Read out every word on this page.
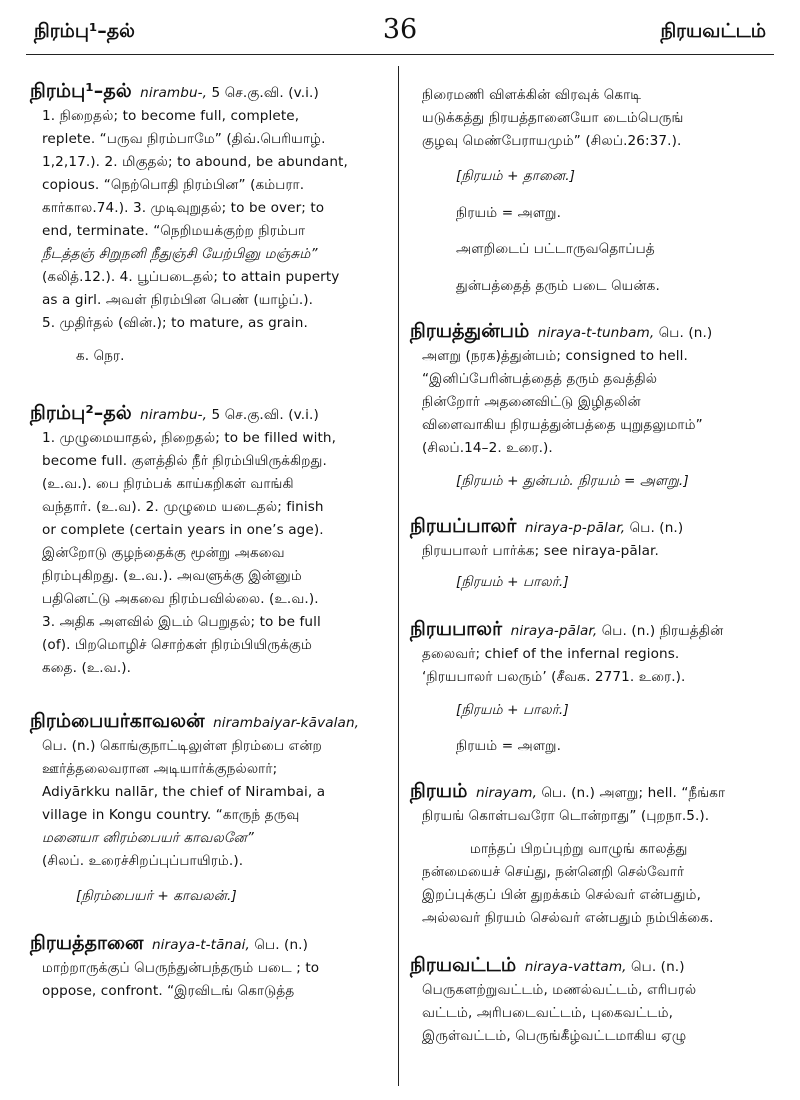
நிரம்பு¹–தல்	36	நிரயவட்டம்

நிரம்பு¹–தல் nirambu-, 5 செ.கு.வி. (v.i.)

1. நிறைதல்; to become full, complete,

replete. “பருவ நிரம்பாமே” (திவ்.பெரியாழ்.

1,2,17.). 2. மிகுதல்; to abound, be abundant,

copious. “நெற்பொதி நிரம்பின” (கம்பரா.

கார்கால.74.). 3. முடிவுறுதல்; to be over; to

end, terminate. “நெறிமயக்குற்ற நிரம்பா

நீடத்தஞ் சிறுநனி நீதுஞ்சி யேற்பினு மஞ்சும்”

(கலித்.12.). 4. பூப்படைதல்; to attain puperty

as a girl. அவள் நிரம்பின பெண் (யாழ்ப்.).

5. முதிர்தல் (வின்.); to mature, as grain.

க. நெர.

நிரம்பு²–தல் nirambu-, 5 செ.கு.வி. (v.i.)

1. முழுமையாதல், நிறைதல்; to be filled with,

become full. குளத்தில் நீர் நிரம்பியிருக்கிறது.

(உ.வ.). பை நிரம்பக் காய்கறிகள் வாங்கி

வந்தார். (உ.வ). 2. முழுமை யடைதல்; finish

or complete (certain years in one’s age).

இன்றோடு குழந்தைக்கு மூன்று அகவை

நிரம்புகிறது. (உ.வ.). அவளுக்கு இன்னும்

பதினெட்டு அகவை நிரம்பவில்லை. (உ.வ.).

3. அதிக அளவில் இடம் பெறுதல்; to be full

(of). பிறமொழிச் சொற்கள் நிரம்பியிருக்கும்

கதை. (உ.வ.).

நிரம்பையர்காவலன் nirambaiyar-kāvalan,

பெ. (n.) கொங்குநாட்டிலுள்ள நிரம்பை என்ற

ஊர்த்தலைவரான அடியார்க்குநல்லார்;

Adiyārkku nallār, the chief of Nirambai, a

village in Kongu country. “காருந் தருவு

மனையா னிரம்பையர் காவலனே”

(சிலப். உரைச்சிறப்புப்பாயிரம்.).

[நிரம்பையர் + காவலன்.]

நிரயத்தானை niraya-t-tānai, பெ. (n.)

மாற்றாருக்குப் பெருந்துன்பந்தரும் படை ; to

oppose, confront. “இரவிடங் கொடுத்த

நிரைமணி விளக்கின் விரவுக் கொடி

யடுக்கத்து நிரயத்தானையோ டைம்பெருங்

குழவு மெண்பேராயமும்” (சிலப்.26:37.).

[நிரயம் + தானை.]

நிரயம் = அளறு.

அளறிடைப் பட்டாருவதொப்பத்

துன்பத்தைத் தரும் படை யென்க.

நிரயத்துன்பம் niraya-t-tunbam, பெ. (n.)

அளறு (நரக)த்துன்பம்; consigned to hell.

“இனிப்பேரின்பத்தைத் தரும் தவத்தில்

நின்றோர் அதனைவிட்டு இழிதலின்

விளைவாகிய நிரயத்துன்பத்தை யுறுதலுமாம்”

(சிலப்.14–2. உரை.).

[நிரயம் + துன்பம். நிரயம் = அளறு.]

நிரயப்பாலர் niraya-p-pālar, பெ. (n.)

நிரயபாலர் பார்க்க; see niraya-pālar.

[நிரயம் + பாலர்.]

நிரயபாலர் niraya-pālar, பெ. (n.) நிரயத்தின்

தலைவர்; chief of the infernal regions.

‘நிரயபாலர் பலரும்’ (சீவக. 2771. உரை.).

[நிரயம் + பாலர்.]

நிரயம் = அளறு.

நிரயம் nirayam, பெ. (n.) அளறு; hell. “நீங்கா

நிரயங் கொள்பவரோ டொன்றாது” (புறநா.5.).

மாந்தப் பிறப்புற்று வாழுங் காலத்து

நன்மையைச் செய்து, நன்னெறி செல்வோர்

இறப்புக்குப் பின் துறக்கம் செல்வர் என்பதும்,

அல்லவர் நிரயம் செல்வர் என்பதும் நம்பிக்கை.

நிரயவட்டம் niraya-vattam, பெ. (n.)

பெருகளற்றுவட்டம், மணல்வட்டம், எரிபரல்

வட்டம், அரிபடைவட்டம், புகைவட்டம்,

இருள்வட்டம், பெருங்கீழ்வட்டமாகிய ஏழு
